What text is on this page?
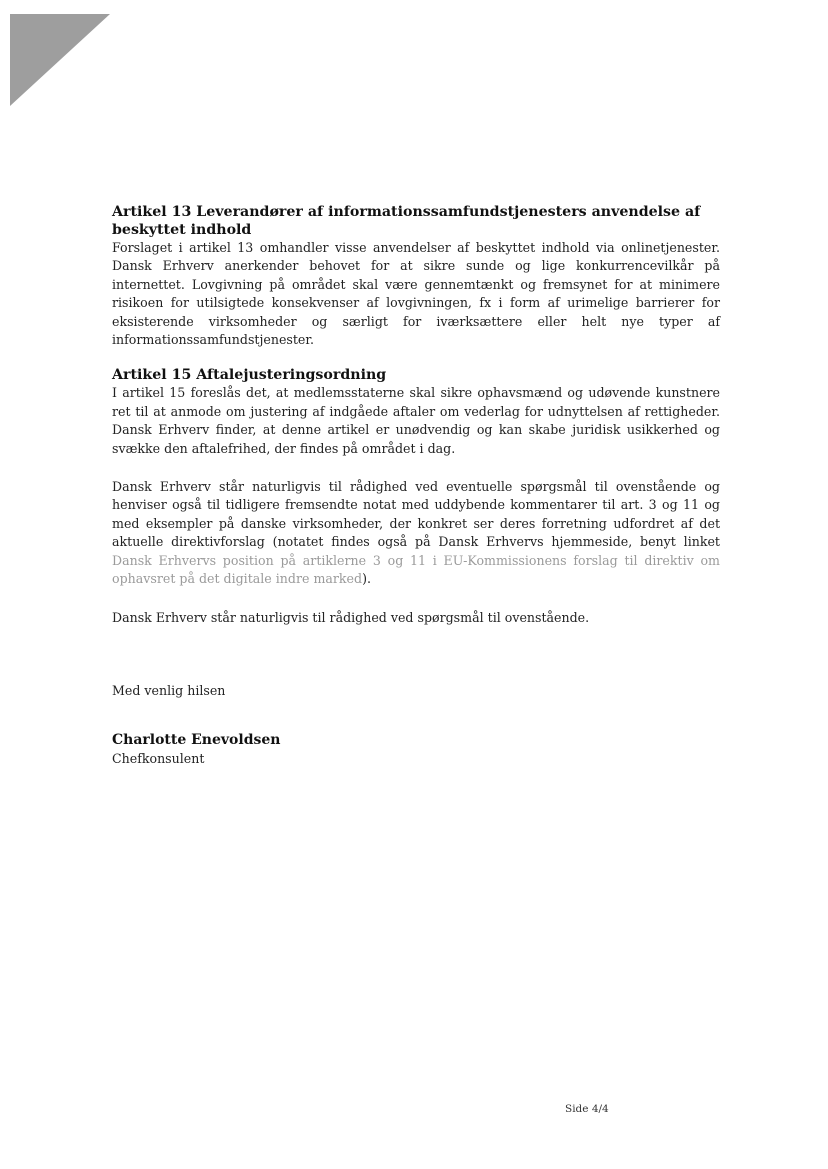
Artikel 13 Leverandører af informationssamfundstjenesters anvendelse af beskyttet indhold

Forslaget i artikel 13 omhandler visse anvendelser af beskyttet indhold via onlinetjenester. Dansk Erhverv anerkender behovet for at sikre sunde og lige konkurrencevilkår på internettet. Lovgivning på området skal være gennemtænkt og fremsynet for at minimere risikoen for utilsigtede konsekvenser af lovgivningen, fx i form af urimelige barrierer for eksisterende virksomheder og særligt for iværksættere eller helt nye typer af informationssamfundstjenester.

Artikel 15 Aftalejusteringsordning

I artikel 15 foreslås det, at medlemsstaterne skal sikre ophavsmænd og udøvende kunstnere ret til at anmode om justering af indgåede aftaler om vederlag for udnyttelsen af rettigheder. Dansk Erhverv finder, at denne artikel er unødvendig og kan skabe juridisk usikkerhed og svække den aftalefrihed, der findes på området i dag.

Dansk Erhverv står naturligvis til rådighed ved eventuelle spørgsmål til ovenstående og henviser også til tidligere fremsendte notat med uddybende kommentarer til art. 3 og 11 og med eksempler på danske virksomheder, der konkret ser deres forretning udfordret af det aktuelle direktivforslag (notatet findes også på Dansk Erhvervs hjemmeside, benyt linket Dansk Erhvervs position på artiklerne 3 og 11 i EU-Kommissionens forslag til direktiv om ophavsret på det digitale indre marked).

Dansk Erhverv står naturligvis til rådighed ved spørgsmål til ovenstående.

Med venlig hilsen

Charlotte Enevoldsen

Chefkonsulent

Side 4/4
